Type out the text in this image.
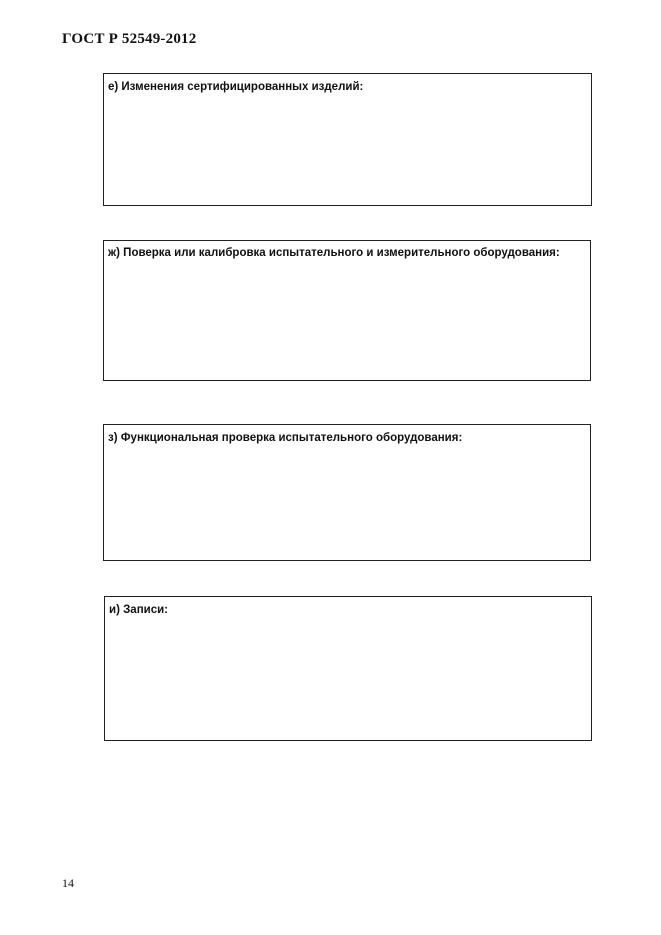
ГОСТ Р 52549-2012
е) Изменения сертифицированных изделий:
ж) Поверка или калибровка испытательного и измерительного оборудования:
з) Функциональная проверка испытательного оборудования:
и) Записи:
14
